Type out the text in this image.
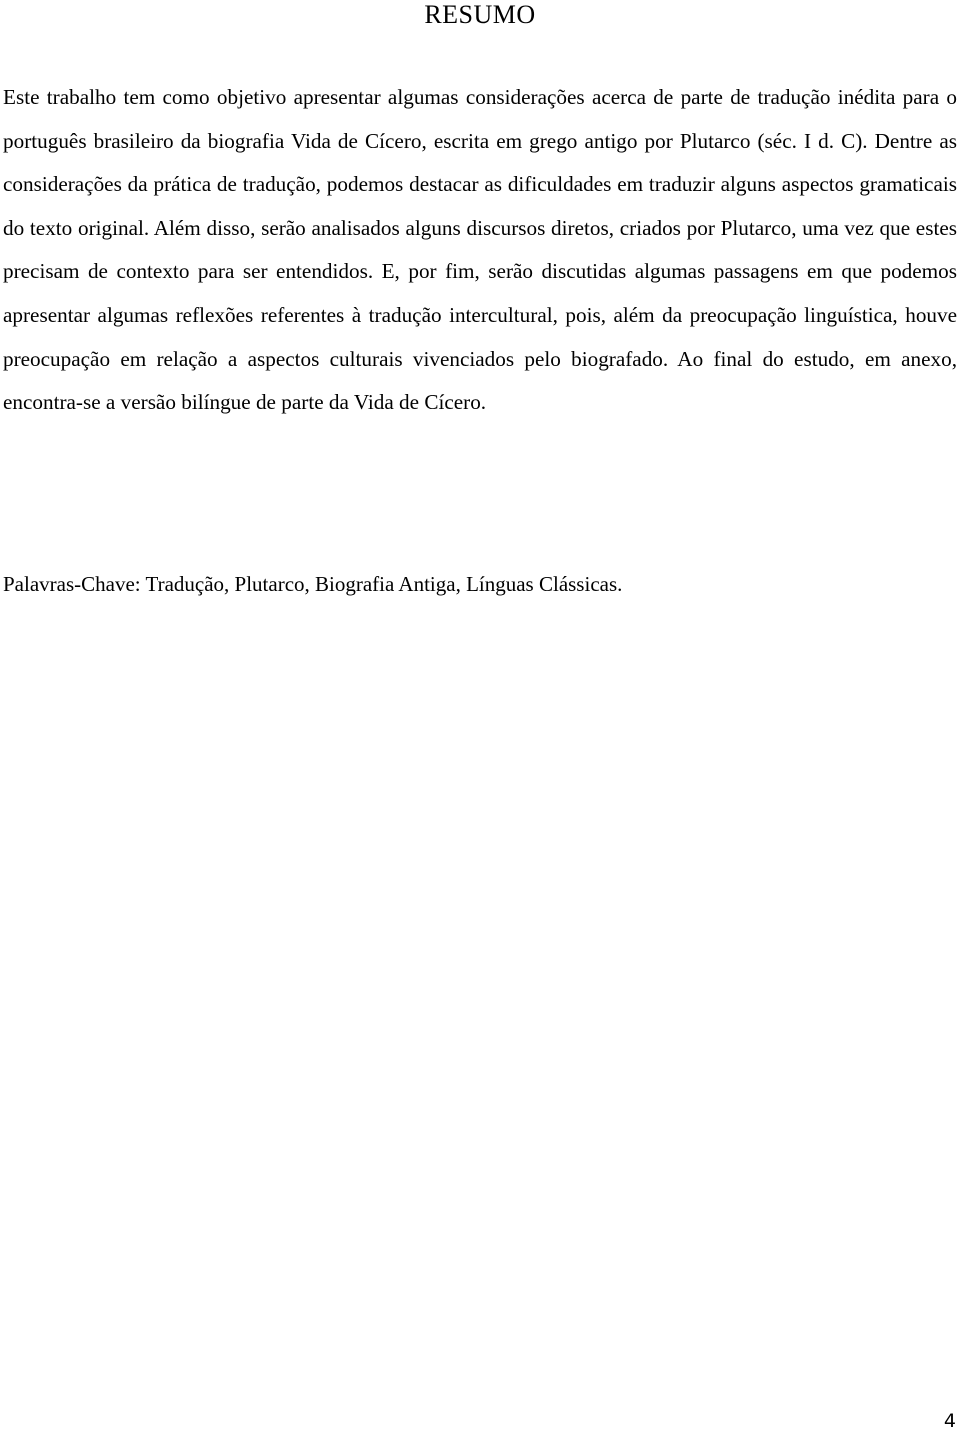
RESUMO

Este trabalho tem como objetivo apresentar algumas considerações acerca de parte de tradução inédita para o português brasileiro da biografia Vida de Cícero, escrita em grego antigo por Plutarco (séc. I d. C). Dentre as considerações da prática de tradução, podemos destacar as dificuldades em traduzir alguns aspectos gramaticais do texto original. Além disso, serão analisados alguns discursos diretos, criados por Plutarco, uma vez que estes precisam de contexto para ser entendidos. E, por fim, serão discutidas algumas passagens em que podemos apresentar algumas reflexões referentes à tradução intercultural, pois, além da preocupação linguística, houve preocupação em relação a aspectos culturais vivenciados pelo biografado. Ao final do estudo, em anexo, encontra-se a versão bilíngue de parte da Vida de Cícero.

Palavras-Chave: Tradução, Plutarco, Biografia Antiga, Línguas Clássicas.

4
